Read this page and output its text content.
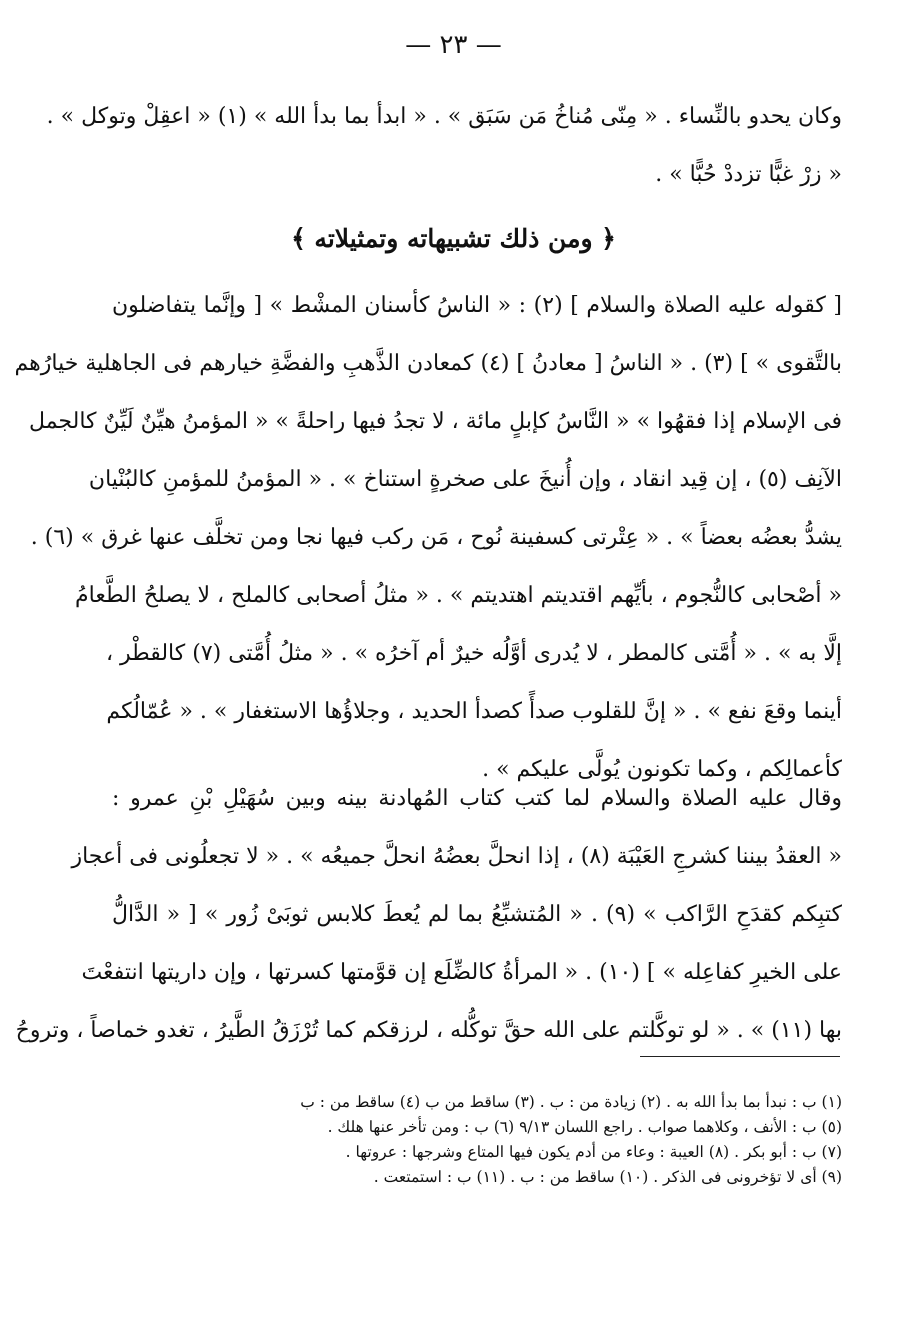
— ٢٣ —
وكان يحدو بالنِّساء . « مِنّى مُناخُ مَن سَبَق » . « ابدأ بما بدأ الله » (١) « اعقِلْ وتوكل » .
« زرْ غبًّا تزددْ حُبًّا » .
﴿ ومن ذلك تشبيهاته وتمثيلاته ﴾
[ كقوله عليه الصلاة والسلام ] (٢) : « الناسُ كأسنان المشْط » [ وإنَّما يتفاضلون
بالتَّقوى » ] (٣) . « الناسُ [ معادنُ ] (٤) كمعادن الذَّهبِ والفضَّةِ خيارهم فى الجاهلية خيارُهم
فى الإسلام إذا فقهُوا » « النَّاسُ كإبلٍ مائة ، لا تجدُ فيها راحلةً » « المؤمنُ هيِّنٌ لَيِّنٌ كالجمل
الآنِف (٥) ، إن قِيد انقاد ، وإن أُنيخَ على صخرةٍ استناخ » . « المؤمنُ للمؤمنِ كالبُنْيان
يشدُّ بعضُه بعضاً » . « عِتْرتى كسفينة نُوح ، مَن ركب فيها نجا ومن تخلَّف عنها غرق » (٦) .
« أصْحابى كالنُّجوم ، بأيِّهم اقتديتم اهتديتم » . « مثلُ أصحابى كالملح ، لا يصلحُ الطَّعامُ
إلَّا به » . « أُمَّتى كالمطر ، لا يُدرى أوَّلُه خيرٌ أم آخرُه » . « مثلُ أُمَّتى (٧) كالقطْر ،
أينما وقعَ نفع » . « إنَّ للقلوب صدأً كصدأ الحديد ، وجلاؤُها الاستغفار » . « عُمّالُكم
كأعمالِكم ، وكما تكونون يُولَّى عليكم » .
وقال عليه الصلاة والسلام لما كتب كتاب المُهادنة بينه وبين سُهَيْلِ بْنِ عمرو :
« العقدُ بيننا كشرجِ العَيْبَة (٨) ، إذا انحلَّ بعضُهُ انحلَّ جميعُه » . « لا تجعلُونى فى أعجاز
كتبِكم كقدَحِ الرَّاكب » (٩) . « المُتشبِّعُ بما لم يُعطَ كلابس ثوبَىْ زُور » [ « الدَّالُّ
على الخيرِ كفاعِله » ] (١٠) . « المرأةُ كالضِّلَع إن قوَّمتها كسرتها ، وإن داريتها انتفعْتَ
بها (١١) » . « لو توكَّلتم على الله حقَّ توكُّله ، لرزقكم كما تُرْزَقُ الطَّيرُ ، تغدو خماصاً ، وتروحُ
(١) ب : نبدأ بما بدأ الله به . (٢) زيادة من : ب . (٣) ساقط من ب (٤) ساقط من : ب
(٥) ب : الأنف ، وكلاهما صواب . راجع اللسان ٩/١٣ (٦) ب : ومن تأخر عنها هلك .
(٧) ب : أبو بكر . (٨) العيبة : وعاء من أدم يكون فيها المتاع وشرجها : عروتها .
(٩) أى لا تؤخرونى فى الذكر . (١٠) ساقط من : ب . (١١) ب : استمتعت .
